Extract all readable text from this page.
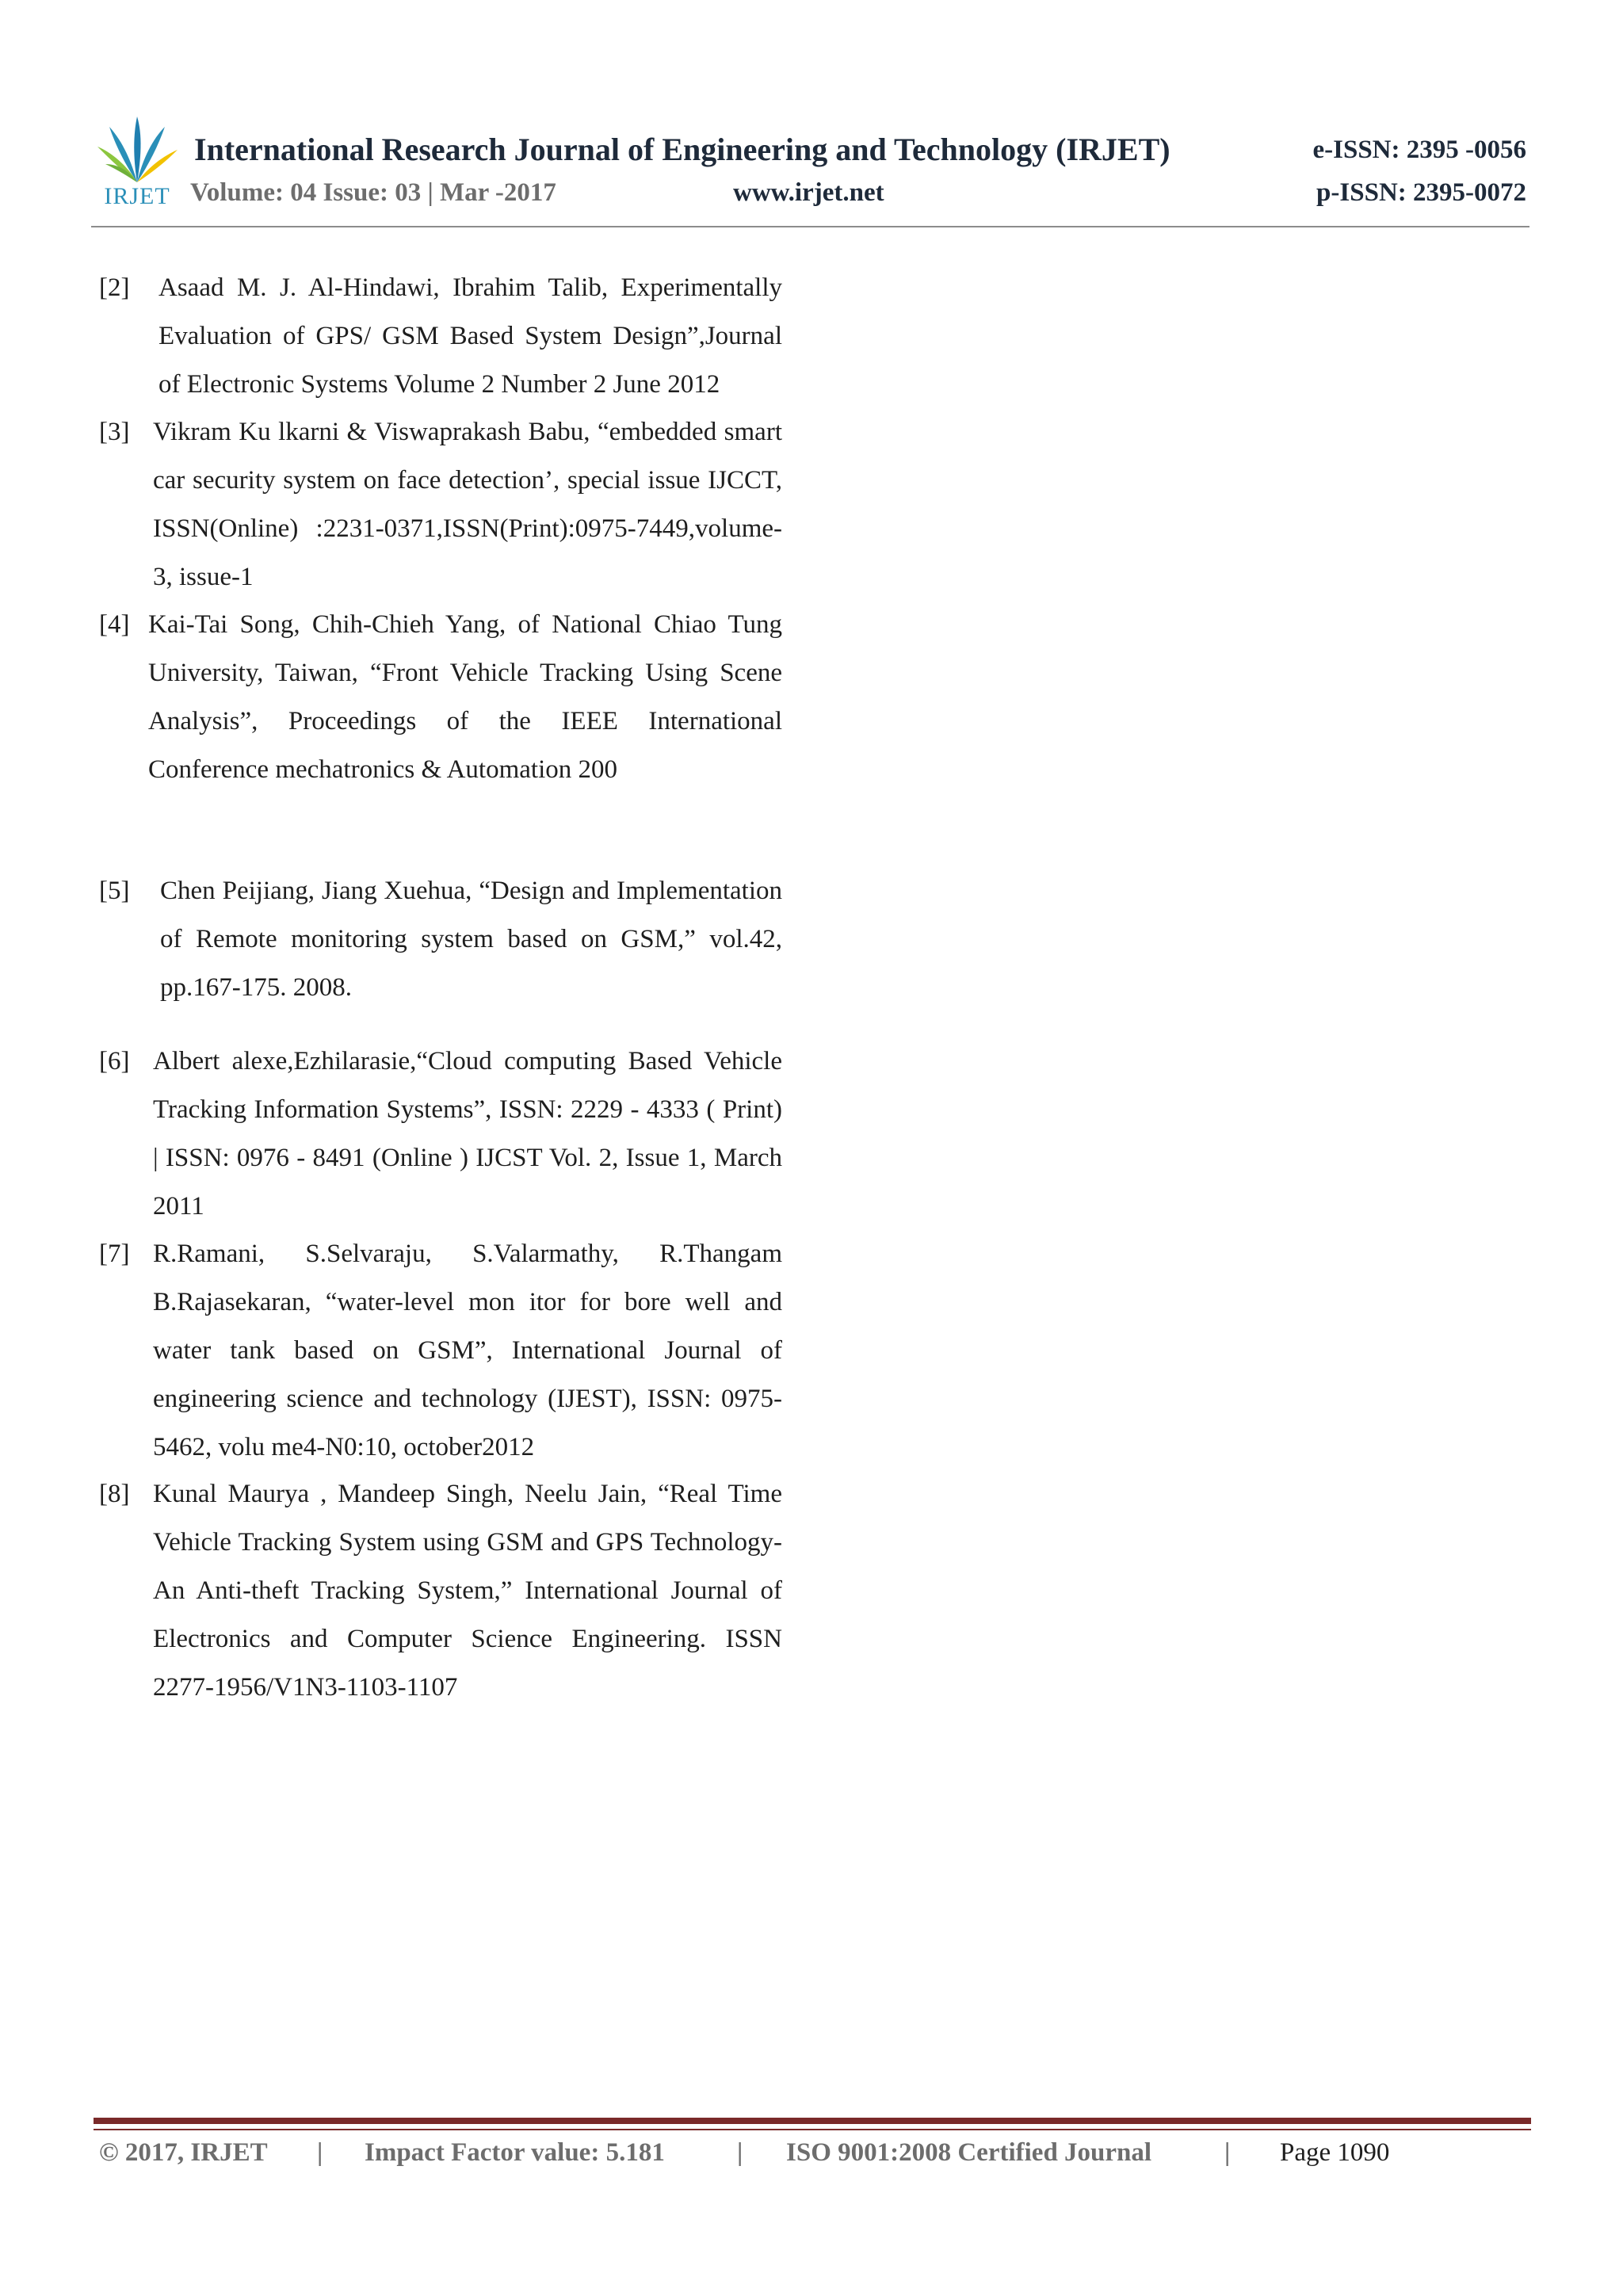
IRJET
International Research Journal of Engineering and Technology (IRJET)	e-ISSN: 2395 -0056
Volume: 04 Issue: 03 | Mar -2017	www.irjet.net	p-ISSN: 2395-0072
[2] Asaad M. J. Al-Hindawi, Ibrahim Talib, Experimentally Evaluation of GPS/ GSM Based System Design”,Journal of Electronic Systems Volume 2 Number 2 June 2012
[3] Vikram Ku lkarni & Viswaprakash Babu, “embedded smart car security system on face detection’, special issue IJCCT, ISSN(Online) :2231-0371,ISSN(Print):0975-7449,volume-3, issue-1
[4] Kai-Tai Song, Chih-Chieh Yang, of National Chiao Tung University, Taiwan, “Front Vehicle Tracking Using Scene Analysis”, Proceedings of the IEEE International Conference mechatronics & Automation 200
[5] Chen Peijiang, Jiang Xuehua, “Design and Implementation of Remote monitoring system based on GSM,” vol.42, pp.167-175. 2008.
[6] Albert alexe,Ezhilarasie,“Cloud computing Based Vehicle Tracking Information Systems”, ISSN: 2229 - 4333 ( Print) | ISSN: 0976 - 8491 (Online ) IJCST Vol. 2, Issue 1, March 2011
[7] R.Ramani, S.Selvaraju, S.Valarmathy, R.Thangam B.Rajasekaran, “water-level mon itor for bore well and water tank based on GSM”, International Journal of engineering science and technology (IJEST), ISSN: 0975-5462, volu me4-N0:10, october2012
[8] Kunal Maurya , Mandeep Singh, Neelu Jain, “Real Time Vehicle Tracking System using GSM and GPS Technology- An Anti-theft Tracking System,” International Journal of Electronics and Computer Science Engineering. ISSN 2277-1956/V1N3-1103-1107
© 2017, IRJET | Impact Factor value: 5.181	| ISO 9001:2008 Certified Journal	| Page 1090
